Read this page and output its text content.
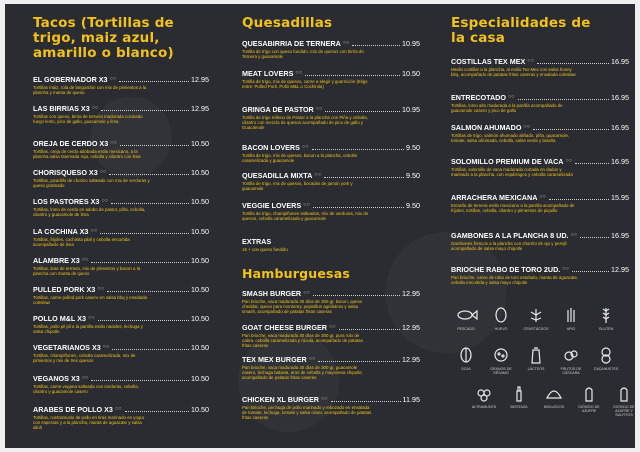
Tacos (Tortillas de trigo, maiz azul, amarillo o blanco)
EL GOBERNADOR X3 ○○	12.95
Tortillas maiz, rola de langostino con mix de pimientos a la plancha y manta de queso
LAS BIRRIAS X3 ○○	12.95
Tortillas con queso, birria de ternera madurada cocinado fuego lento, pico de gallo, guacamole y lima
OREJA DE CERDO X3 ○○	10.50
Tortillas, oreja de cerdo adobada estilo mexicano, a la plancha salsa tatemada roja, cebolla y cilantro con lima
CHORISQUESO X3 ○○	10.50
Tortillas, picadillo de chorizo salteado con mix de verduras y queso gratinado
LOS PASTORES X3 ○○	10.50
Tortillas, lomo de cerdo en adobo de pastor, piña, cebolla, cilantro y guacamole de lima
LA COCHINA X3 ○○	10.50
Tortillas, frijoles, cochinita pibil y cebolla encurtida acompañado de lima
ALAMBRE X3 ○○	10.50
Tortillas, tiras de ternera, mix de pimientos y bacon a la plancha con manta de queso
PULLED PORK X3 ○○	10.50
Tortillas, carne pulled pork casero en salsa bbq y ensalada coleslaw
POLLO M&L X3 ○○	10.50
Tortillas, pollo pil pil a la parrilla estilo naoides, lechuga y salsa chipotle
VEGETARIANOS X3 ○○	10.50
Tortillas, champiñones, cebolla caramelizada, mix de pimientos y mix de tres quesos
VEGANOS X3 ○○	10.50
Tortillas, carne vegana salteada con verduras, cebolla, cilantro y guacamole casero
ARABES DE POLLO X3 ○○	10.50
Tortillas, contramuslo de pollo en tiras marinado en yogur con especias y a la plancha, manta de aguacate y salsa alioli
Quesadillas
QUESABIRRIA DE TERNERA ○○	10.95
Tortilla de trigo con queso fundido, mix de quesos con birria de Ternera y guacamole
MEAT LOVERS ○○	10.50
Tortilla de trigo, mix de quesos, carne a elegir y guarnición (Elige entre: Pulled Pork, Pollo M&L o Cochinita)
GRINGA DE PASTOR ○○	10.95
Tortilla de trigo relleno de Pastor a la plancha con Piña y cebolla, cilantro con mezcla de quesos acompañado de pico de gallo y Guacamole
BACON LOVERS ○○	9.50
Tortilla de trigo, mix de quesos, bacon a la plancha, cebolla caramelizada y guacamole
QUESADILLA MIXTA ○○	9.50
Tortilla de trigo, mix de quesos, bocados de jamón york y guacamole
VEGGIE LOVERS ○○	9.50
Tortilla de trigo, champiñones salteados, mix de verduras, mix de quesos, cebolla caramelizada y guacamole
EXTRAS
1€ + con queso fundido
Hamburguesas
SMASH BURGER ○○	12.95
Pan brioche, vaca madurada 30 días de 300 gr, bacon, queso cheddar, queso para montorey, pepinillos agridulces y salsa smash, acompañado de patatas fritas caseras
GOAT CHEESE BURGER ○○	12.95
Pan brioche, vaca madurada 30 días de 300 gr, pura rulo de cabra, cebolla caramelizada y rúcula, acompañado de patatas fritas caseras
TEX MEX BURGER ○○	12.95
Pan brioche, vaca madurada 30 días de 300 gr, guacamole casero, lechuga batavia, aros de cebolla y mayonesa chipotle, acompañado de patatas fritas caseras
CHICKEN XL BURGER ○○	11.95
Pan Brioche, pechuga de pollo marinado y rebozado en ensalada de tomate, lechuga, tomate y salsa césar, acompañado de patatas fritas caseras
Especialidades de la casa
COSTILLAS TEX MEX ○○	16.95
Medio costillar a la plancha, al estilo Tex Mex con salsa honey bbq, acompañado de patatas fritas caseras y ensalada coleslaw
ENTRECOTADO ○○	16.95
Tortillas, lomo alto madurada a la parrilla acompañado de guacamole casero y pico de gallo
SALMON AHUMADO ○○	16.95
Tortillas de trigo, salmón ahumado aliñado, piña, guacamole, tomate, salsa ahúmada, cebolla, salsa verde y lasaña
SOLOMILLO PREMIUM DE VACA ○○	16.95
Tortillas, solomillo de vaca madurada cortada en dados y marinado a la plancha, con espárragos y cebolla caramelizada
ARRACHERA MEXICANA ○○	15.95
Entraña de ternera estilo mexicano a la parrilla acompañado de frijoles, tortillas, cebolla, cilantro y pimientos de piquillo
GAMBONES A LA PLANCHA 8 UD. ○○	16.95
Gambones frescos a la plancha con chorrito de ajo y perejil acompañado de salsa mayo chipotle
BRIOCHE RABO DE TORO 2UD. ○○	12.95
Pan brioche, carne de rabo de toro estofado, manta de aguacate, cebolla encurtida y salsa mayo chipotle
PESCADO	HUEVO	CRUSTÁCEOS	APIO	GLUTEN
SOJA	GRANOS DE SÉSAMO
LÁCTEOS	FRUTOS DE CÁSCARA
CACAHUETES
ALTRAMUCES	MOSTAZA	MOLUSCOS	DIÓXIDO DE AZUFRE
DIÓXIDO DE AZUFRE Y SULFITOS
